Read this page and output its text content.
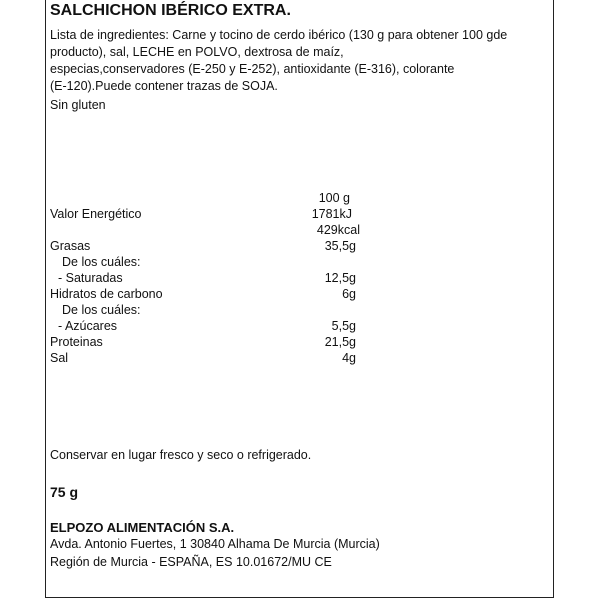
SALCHICHON IBÉRICO EXTRA.
Lista de ingredientes: Carne y tocino de cerdo ibérico (130 g para obtener 100 gde
producto), sal, LECHE en POLVO, dextrosa de maíz,
especias,conservadores (E-250 y E-252), antioxidante (E-316), colorante
(E-120).Puede contener trazas de SOJA.
Sin gluten
100 g
Valor Energético	1781kJ
429kcal
Grasas	35,5g
De los cuáles:
- Saturadas	12,5g
Hidratos de carbono	6g
De los cuáles:
- Azúcares	5,5g
Proteinas	21,5g
Sal	4g
Conservar en lugar fresco y seco o refrigerado.
75 g
ELPOZO ALIMENTACIÓN S.A.
Avda. Antonio Fuertes, 1 30840 Alhama De Murcia (Murcia)
Región de Murcia - ESPAÑA, ES 10.01672/MU CE
